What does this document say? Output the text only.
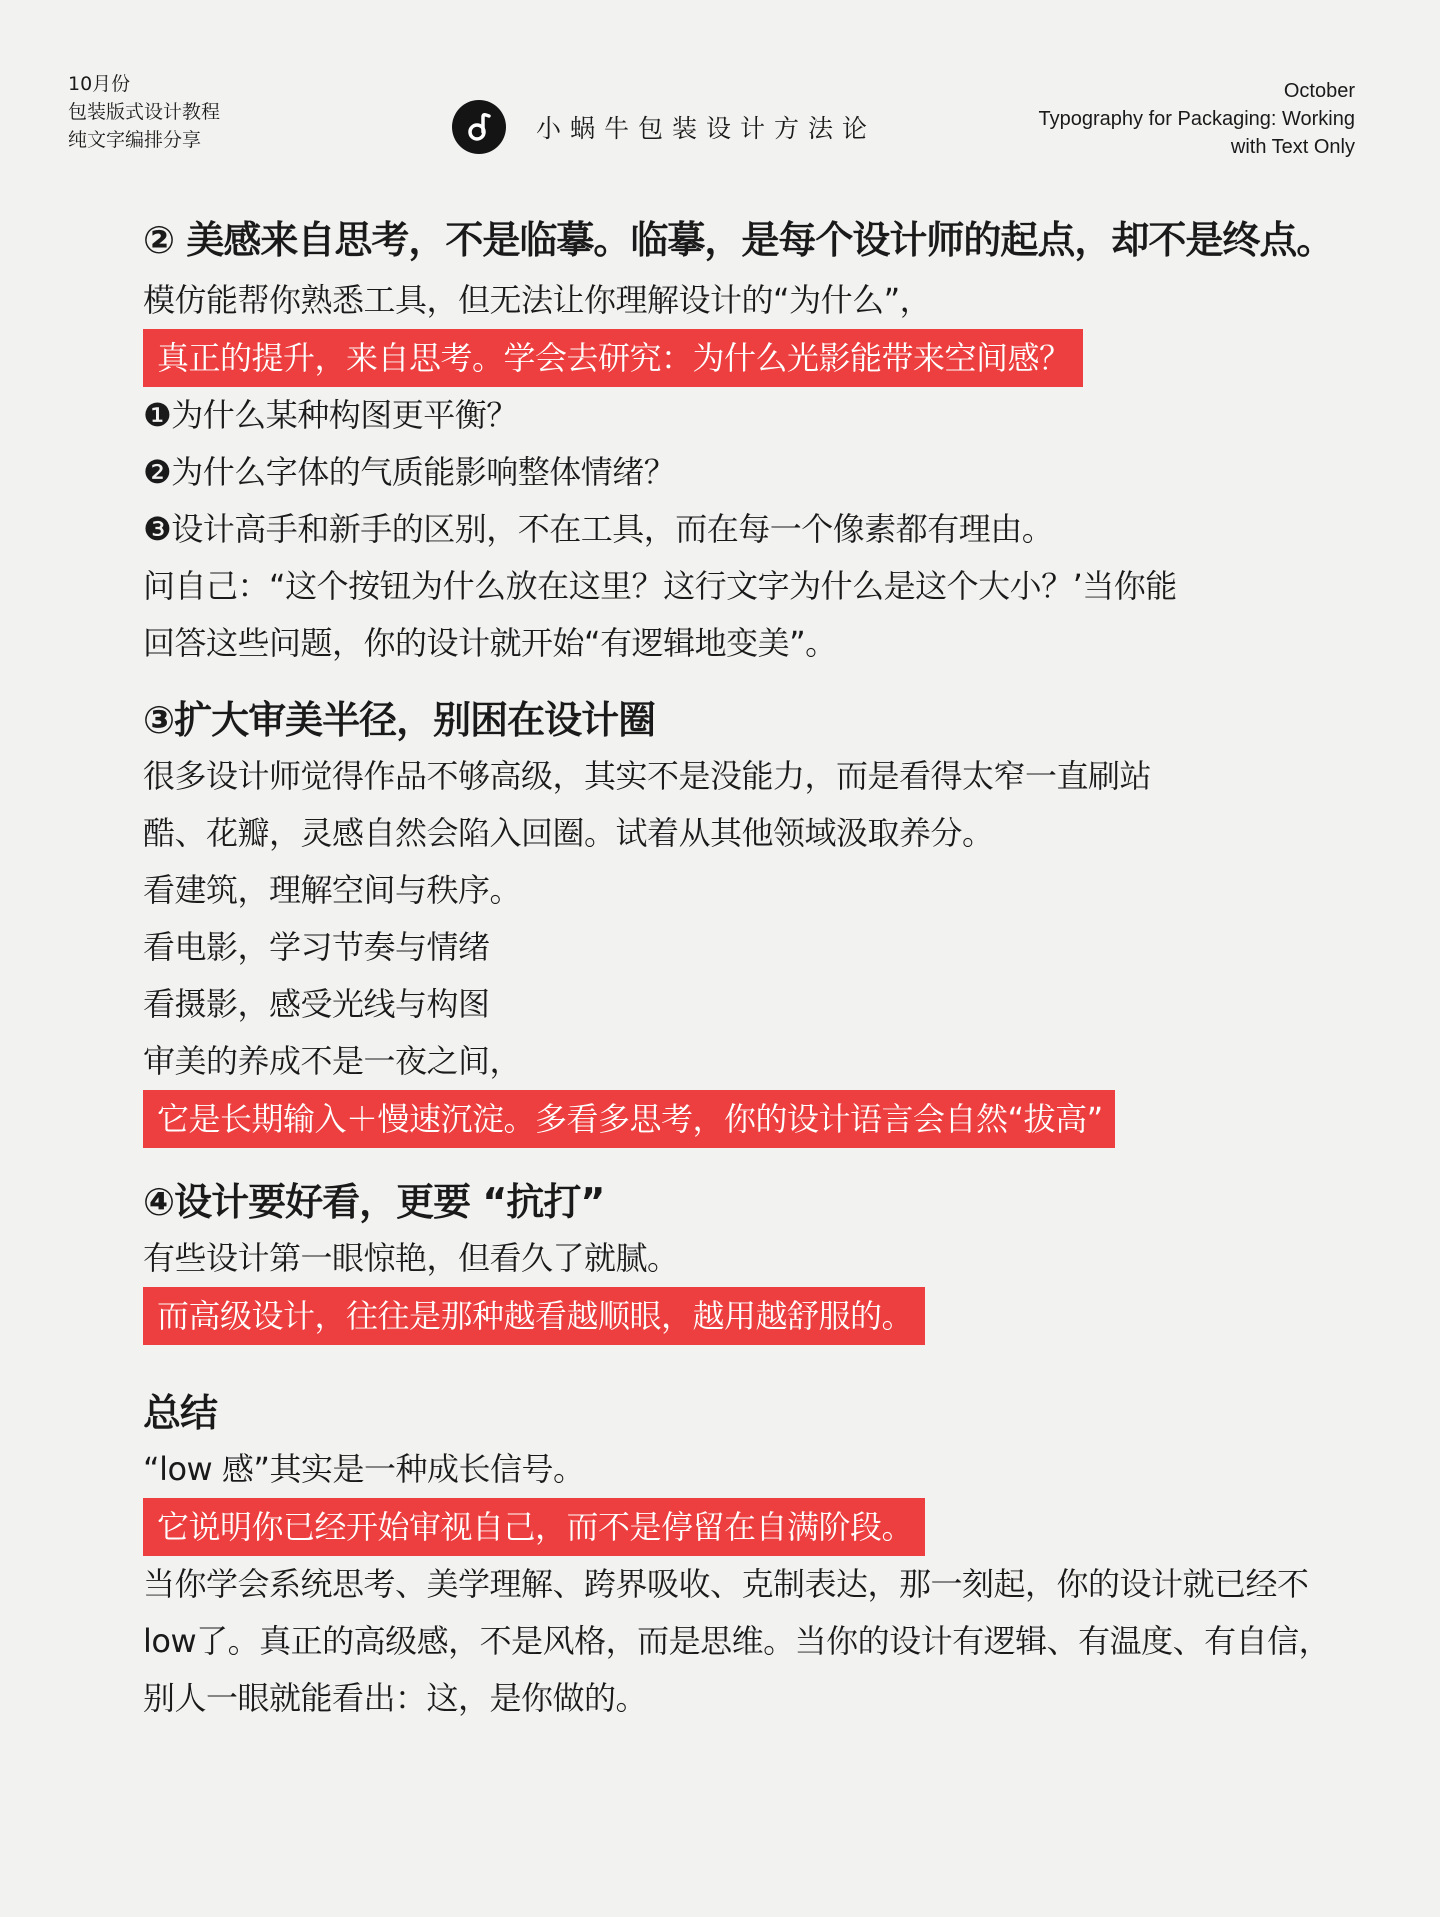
10月份
包装版式设计教程
纯文字编排分享	小蜗牛包装设计方法论
October
Typography for Packaging: Working
with Text Only
② 美感来自思考，不是临摹。临摹，是每个设计师的起点，却不是终点。
模仿能帮你熟悉工具，但无法让你理解设计的“为什么”，
真正的提升，来自思考。学会去研究：为什么光影能带来空间感？
❶为什么某种构图更平衡？
❷为什么字体的气质能影响整体情绪？
❸设计高手和新手的区别，不在工具，而在每一个像素都有理由。
问自己：“这个按钮为什么放在这里？这行文字为什么是这个大小？’当你能
回答这些问题，你的设计就开始“有逻辑地变美”。
③扩大审美半径，别困在设计圈
很多设计师觉得作品不够高级，其实不是没能力，而是看得太窄一直刷站
酷、花瓣，灵感自然会陷入回圈。试着从其他领域汲取养分。
看建筑，理解空间与秩序。
看电影，学习节奏与情绪
看摄影，感受光线与构图
审美的养成不是一夜之间，
它是长期输入＋慢速沉淀。多看多思考，你的设计语言会自然“拔高”
④设计要好看，更要 “抗打”
有些设计第一眼惊艳，但看久了就腻。
而高级设计，往往是那种越看越顺眼，越用越舒服的。
总结
“low 感”其实是一种成长信号。
它说明你已经开始审视自己，而不是停留在自满阶段。
当你学会系统思考、美学理解、跨界吸收、克制表达，那一刻起，你的设计就已经不
low了。真正的高级感，不是风格，而是思维。当你的设计有逻辑、有温度、有自信，
别人一眼就能看出：这，是你做的。
